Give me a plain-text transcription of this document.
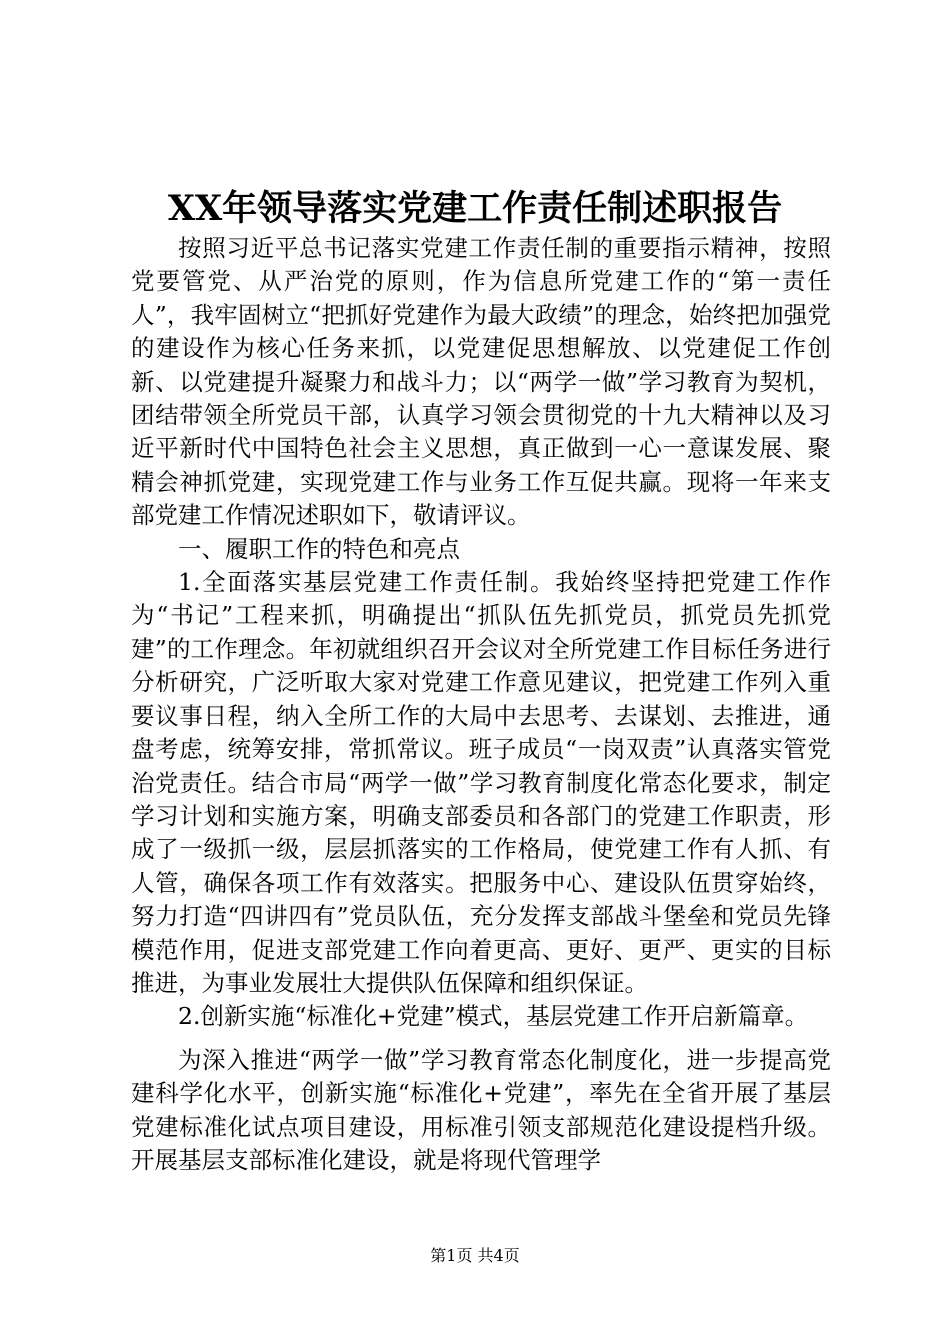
XX年领导落实党建工作责任制述职报告

按照习近平总书记落实党建工作责任制的重要指示精神，按照党要管党、从严治党的原则，作为信息所党建工作的“第一责任人”，我牢固树立“把抓好党建作为最大政绩”的理念，始终把加强党的建设作为核心任务来抓，以党建促思想解放、以党建促工作创新、以党建提升凝聚力和战斗力；以“两学一做”学习教育为契机，团结带领全所党员干部，认真学习领会贯彻党的十九大精神以及习近平新时代中国特色社会主义思想，真正做到一心一意谋发展、聚精会神抓党建，实现党建工作与业务工作互促共赢。现将一年来支部党建工作情况述职如下，敬请评议。

一、履职工作的特色和亮点

1.全面落实基层党建工作责任制。我始终坚持把党建工作作为“书记”工程来抓，明确提出“抓队伍先抓党员，抓党员先抓党建”的工作理念。年初就组织召开会议对全所党建工作目标任务进行分析研究，广泛听取大家对党建工作意见建议，把党建工作列入重要议事日程，纳入全所工作的大局中去思考、去谋划、去推进，通盘考虑，统筹安排，常抓常议。班子成员“一岗双责”认真落实管党治党责任。结合市局“两学一做”学习教育制度化常态化要求，制定学习计划和实施方案，明确支部委员和各部门的党建工作职责，形成了一级抓一级，层层抓落实的工作格局，使党建工作有人抓、有人管，确保各项工作有效落实。把服务中心、建设队伍贯穿始终，努力打造“四讲四有”党员队伍，充分发挥支部战斗堡垒和党员先锋模范作用，促进支部党建工作向着更高、更好、更严、更实的目标推进，为事业发展壮大提供队伍保障和组织保证。

2.创新实施“标准化+党建”模式，基层党建工作开启新篇章。

为深入推进“两学一做”学习教育常态化制度化，进一步提高党建科学化水平，创新实施“标准化+党建”，率先在全省开展了基层党建标准化试点项目建设，用标准引领支部规范化建设提档升级。开展基层支部标准化建设，就是将现代管理学

第1页 共4页
